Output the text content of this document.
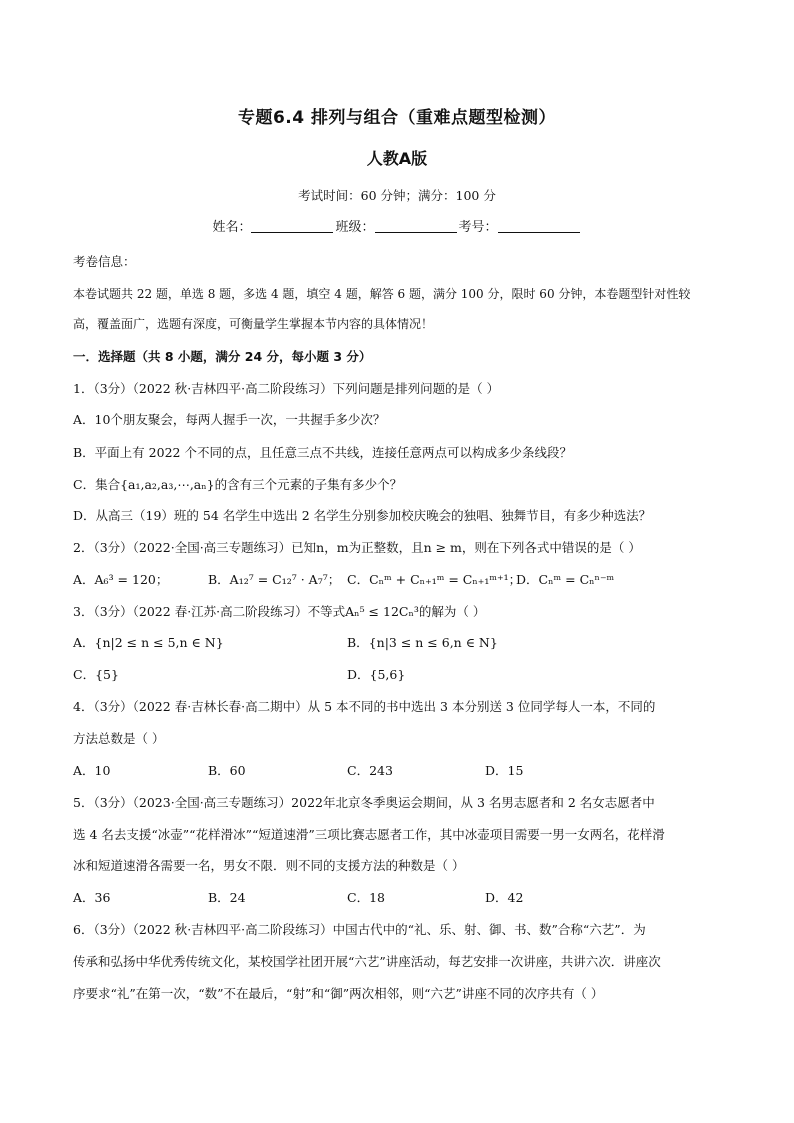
专题6.4 排列与组合（重难点题型检测）
人教A版
考试时间：60 分钟；满分：100 分
姓名：	班级：	考号：
考卷信息：
本卷试题共 22 题，单选 8 题，多选 4 题，填空 4 题，解答 6 题，满分 100 分，限时 60 分钟，本卷题型针对性较
高，覆盖面广，选题有深度，可衡量学生掌握本节内容的具体情况！
一．选择题（共 8 小题，满分 24 分，每小题 3 分）
1．（3分）（2022 秋·吉林四平·高二阶段练习）下列问题是排列问题的是（ ）
A．10个朋友聚会，每两人握手一次，一共握手多少次？
B．平面上有 2022 个不同的点，且任意三点不共线，连接任意两点可以构成多少条线段？
C．集合{a₁,a₂,a₃,⋯,aₙ}的含有三个元素的子集有多少个？
D．从高三（19）班的 54 名学生中选出 2 名学生分别参加校庆晚会的独唱、独舞节目，有多少种选法？
2．（3分）（2022·全国·高三专题练习）已知n，m为正整数，且n ≥ m，则在下列各式中错误的是（ ）
A．A₆³ = 120；	B．A₁₂⁷ = C₁₂⁷ · A₇⁷； C．Cₙᵐ + Cₙ₊₁ᵐ = Cₙ₊₁ᵐ⁺¹；
D．Cₙᵐ = Cₙⁿ⁻ᵐ
3．（3分）（2022 春·江苏·高二阶段练习）不等式Aₙ⁵ ≤ 12Cₙ³的解为（ ）
A．{n|2 ≤ n ≤ 5,n ∈ N}	B．{n|3 ≤ n ≤ 6,n ∈ N}
C．{5}	D．{5,6}
4．（3分）（2022 春·吉林长春·高二期中）从 5 本不同的书中选出 3 本分别送 3 位同学每人一本，不同的
方法总数是（ ）
A．10	B．60	C．243	D．15
5．（3分）（2023·全国·高三专题练习）2022年北京冬季奥运会期间，从 3 名男志愿者和 2 名女志愿者中
选 4 名去支援“冰壶”“花样滑冰”“短道速滑”三项比赛志愿者工作，其中冰壶项目需要一男一女两名，花样滑
冰和短道速滑各需要一名，男女不限．则不同的支援方法的种数是（ ）
A．36	B．24	C．18	D．42
6．（3分）（2022 秋·吉林四平·高二阶段练习）中国古代中的“礼、乐、射、御、书、数”合称“六艺”．为
传承和弘扬中华优秀传统文化，某校国学社团开展“六艺”讲座活动，每艺安排一次讲座，共讲六次．讲座次
序要求“礼”在第一次，“数”不在最后，“射”和“御”两次相邻，则“六艺”讲座不同的次序共有（ ）
